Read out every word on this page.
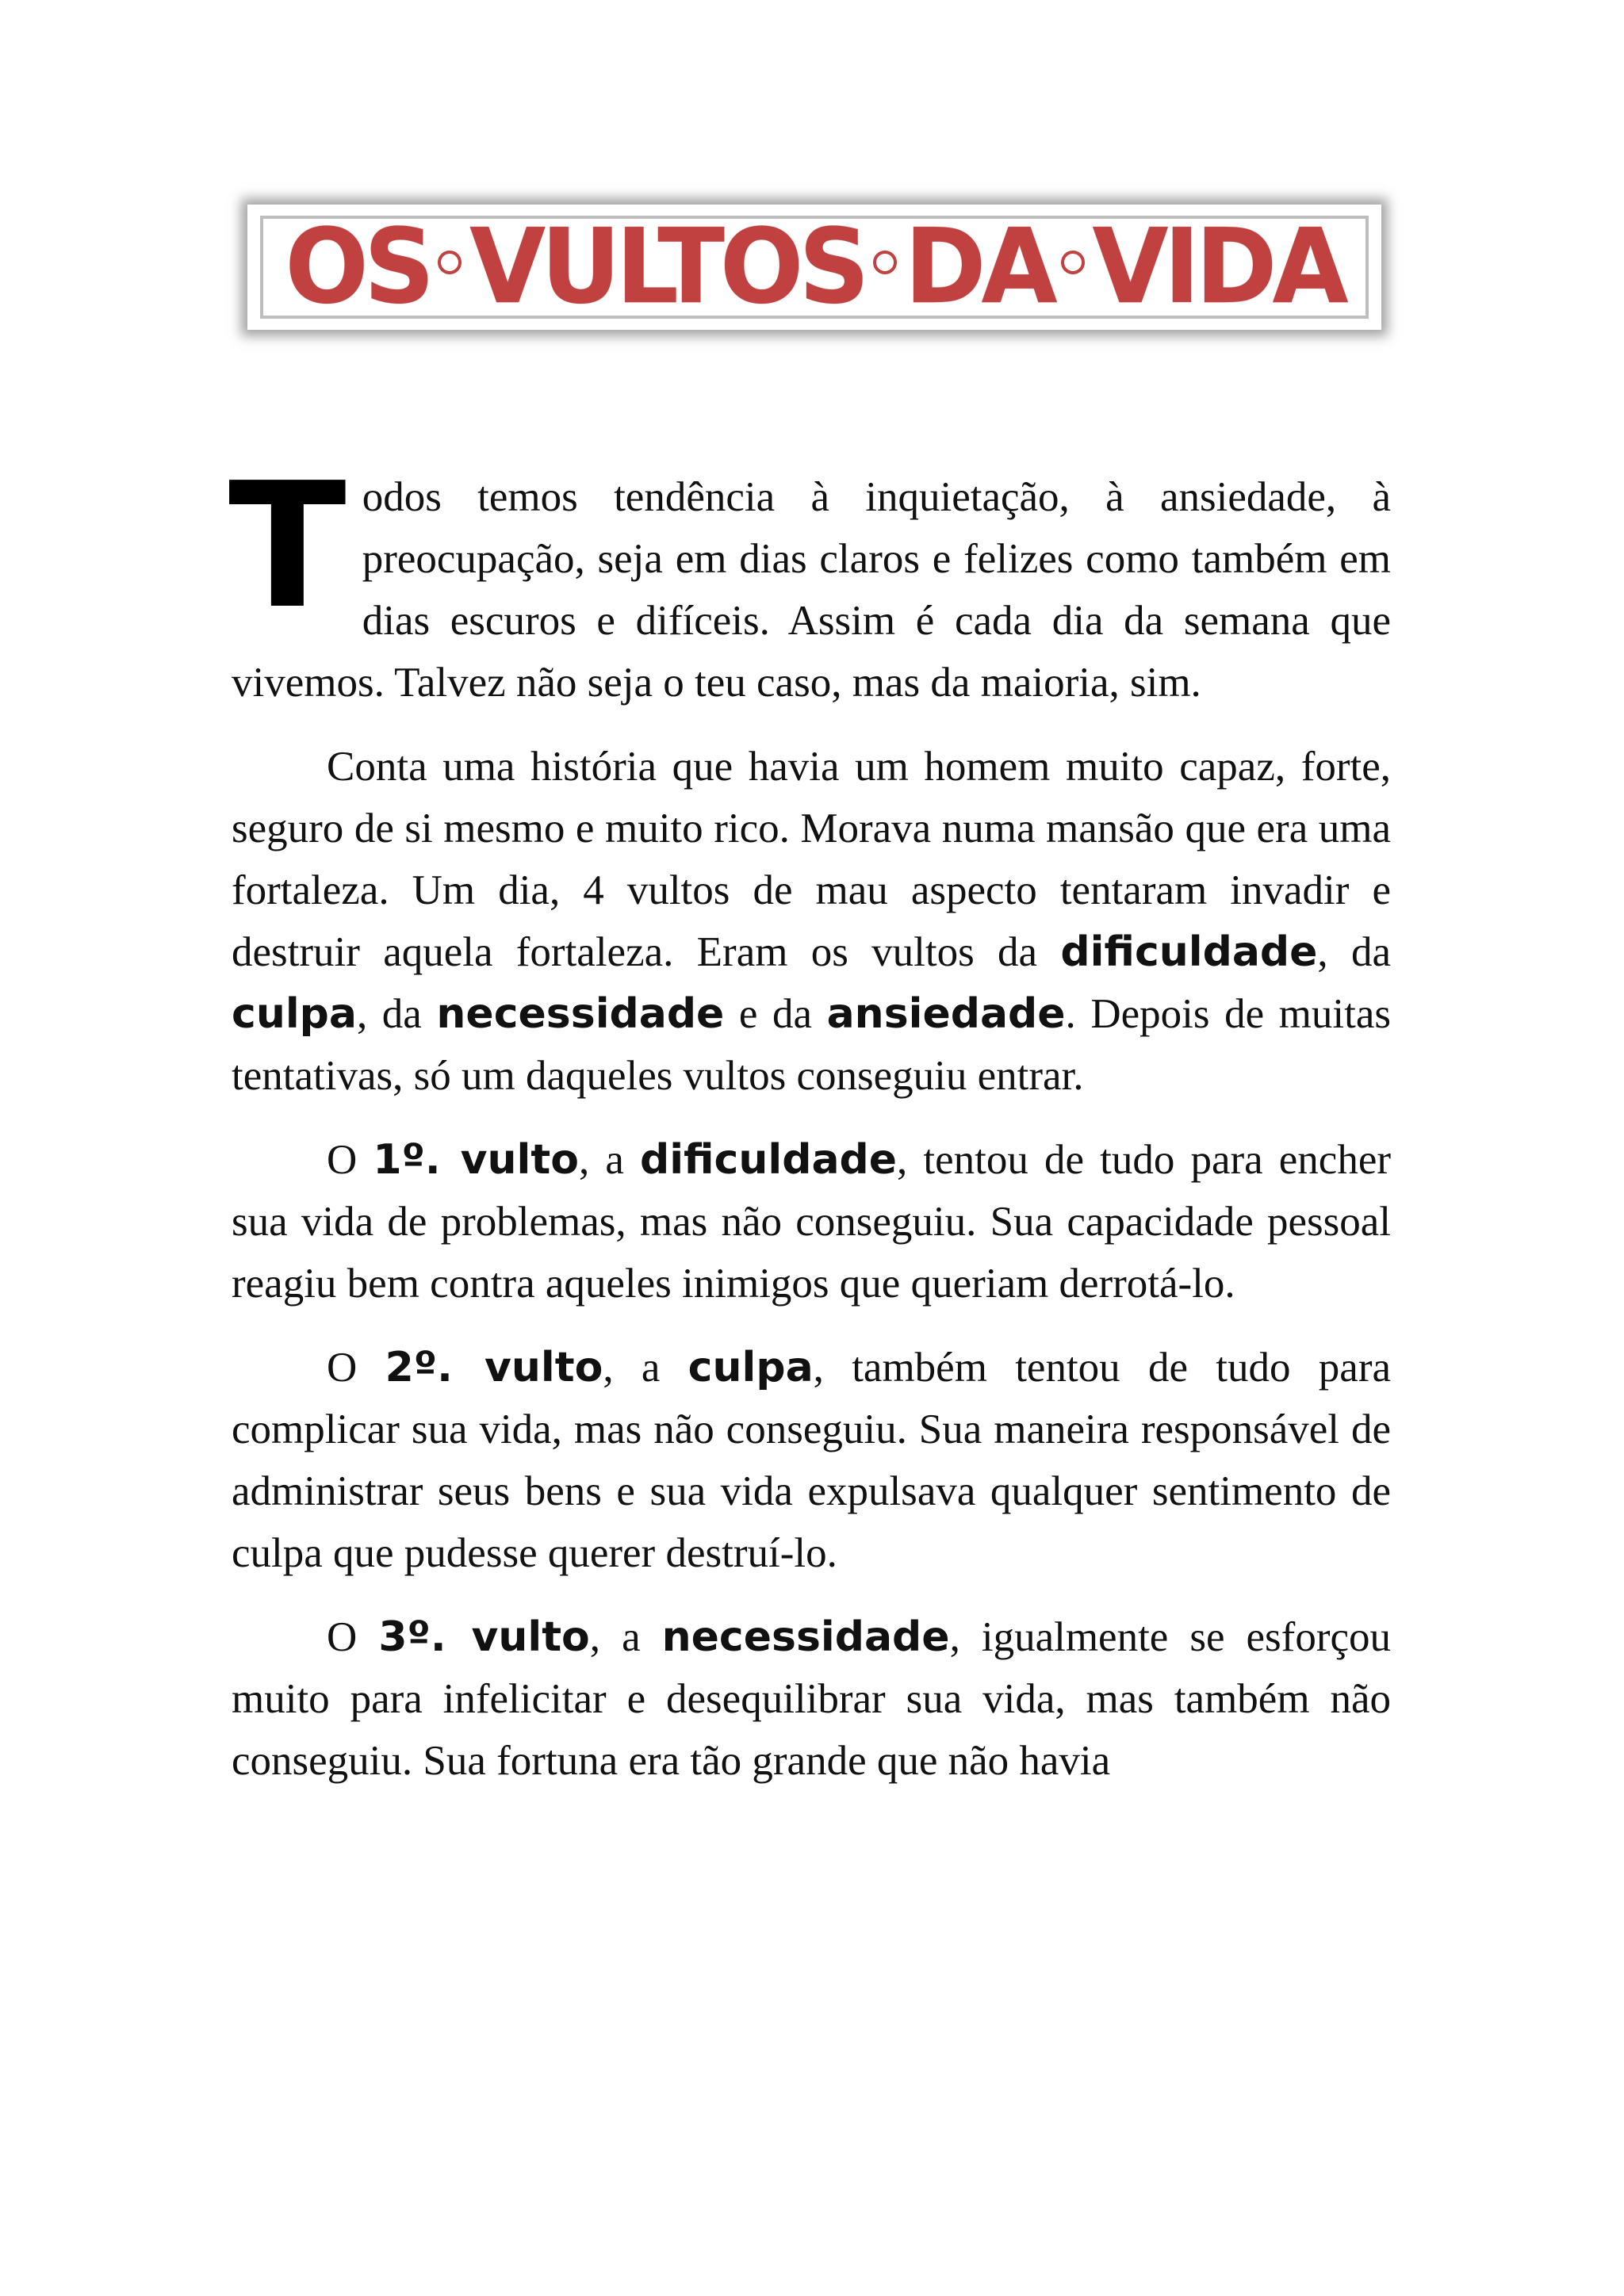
OS VULTOS DA VIDA

Todos temos tendência à inquietação, à ansiedade, à preocupação, seja em dias claros e felizes como também em dias escuros e difíceis. Assim é cada dia da semana que vivemos. Talvez não seja o teu caso, mas da maioria, sim.

Conta uma história que havia um homem muito capaz, forte, seguro de si mesmo e muito rico. Morava numa mansão que era uma fortaleza. Um dia, 4 vultos de mau aspecto tentaram invadir e destruir aquela fortaleza. Eram os vultos da dificuldade, da culpa, da necessidade e da ansiedade. Depois de muitas tentativas, só um daqueles vultos conseguiu entrar.

O 1º. vulto, a dificuldade, tentou de tudo para encher sua vida de problemas, mas não conseguiu. Sua capacidade pessoal reagiu bem contra aqueles inimigos que queriam derrotá-lo.

O 2º. vulto, a culpa, também tentou de tudo para complicar sua vida, mas não conseguiu. Sua maneira responsável de administrar seus bens e sua vida expulsava qualquer sentimento de culpa que pudesse querer destruí-lo.

O 3º. vulto, a necessidade, igualmente se esforçou muito para infelicitar e desequilibrar sua vida, mas também não conseguiu. Sua fortuna era tão grande que não havia
